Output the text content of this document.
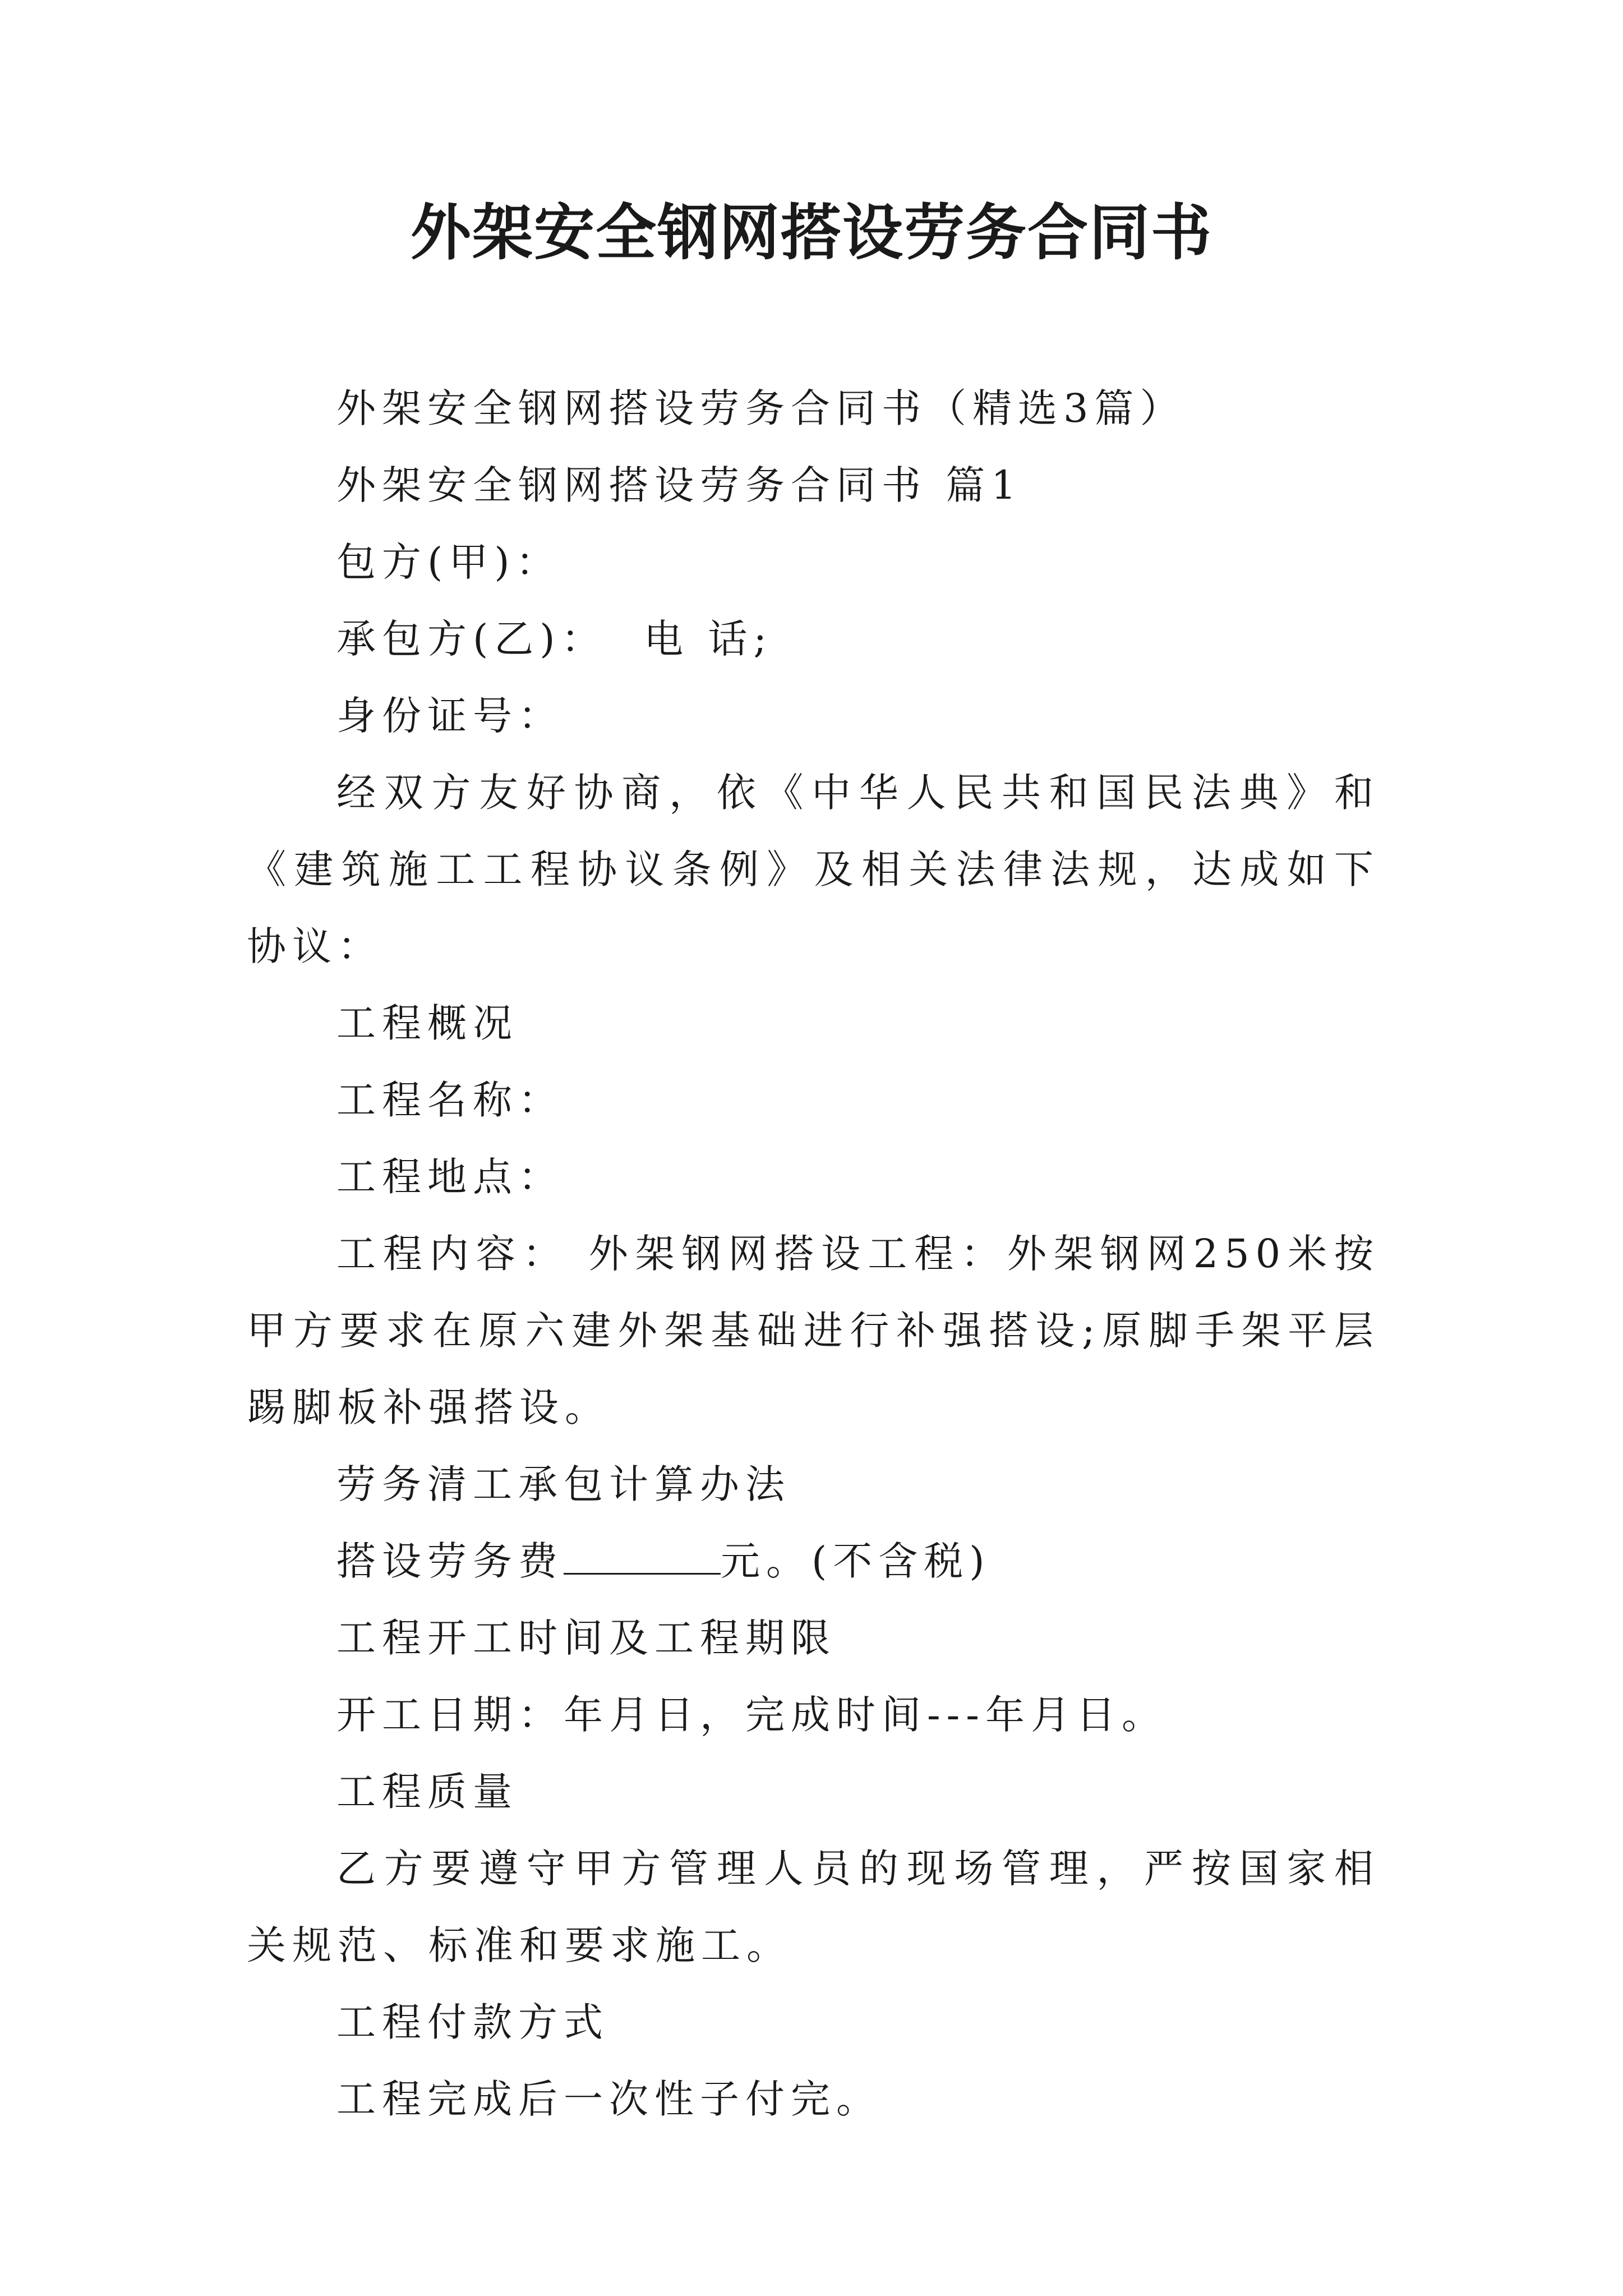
外架安全钢网搭设劳务合同书

外架安全钢网搭设劳务合同书（精选3篇）

外架安全钢网搭设劳务合同书 篇1

包方(甲)：

承包方(乙)：  电 话;

身份证号：

经双方友好协商，依《中华人民共和国民法典》和《建筑施工工程协议条例》及相关法律法规，达成如下协议：

工程概况

工程名称：

工程地点：

工程内容： 外架钢网搭设工程：外架钢网250米按甲方要求在原六建外架基础进行补强搭设;原脚手架平层踢脚板补强搭设。

劳务清工承包计算办法

搭设劳务费	元。(不含税)

工程开工时间及工程期限

开工日期：年月日，完成时间---年月日。

工程质量

乙方要遵守甲方管理人员的现场管理，严按国家相关规范、标准和要求施工。

工程付款方式

工程完成后一次性子付完。
